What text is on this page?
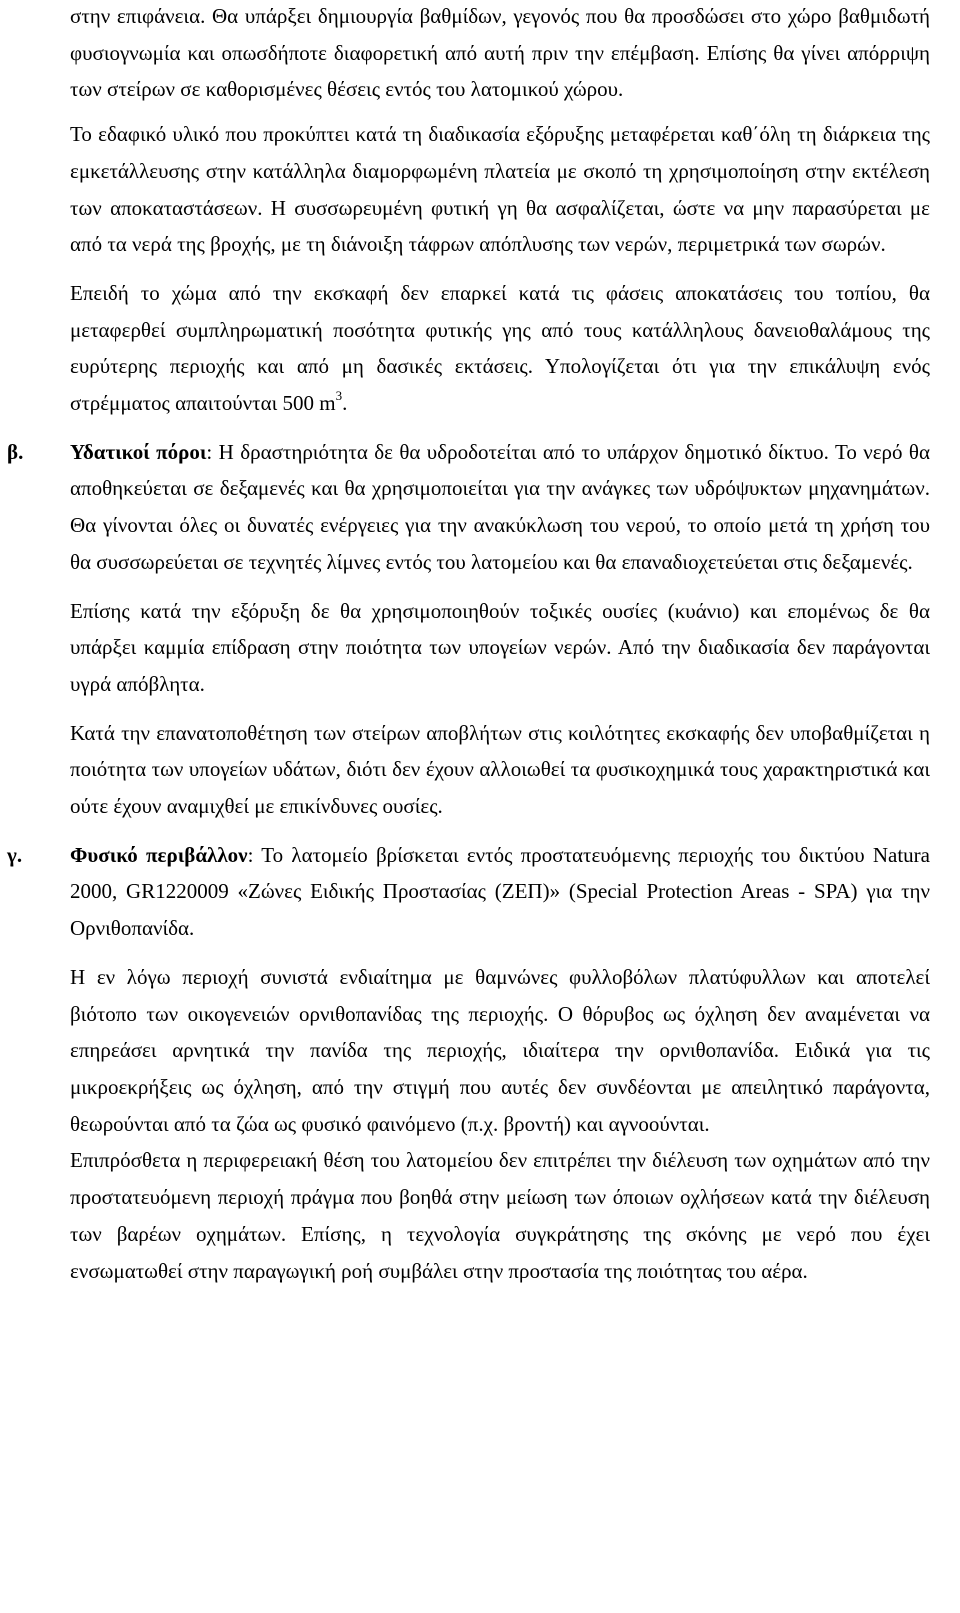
στην επιφάνεια. Θα υπάρξει δημιουργία βαθμίδων, γεγονός που θα προσδώσει στο χώρο βαθμιδωτή φυσιογνωμία και οπωσδήποτε διαφορετική από αυτή πριν την επέμβαση. Επίσης θα γίνει απόρριψη των στείρων σε καθορισμένες θέσεις εντός του λατομικού χώρου.

Το εδαφικό υλικό που προκύπτει κατά τη διαδικασία εξόρυξης μεταφέρεται καθ΄όλη τη διάρκεια της εμκετάλλευσης στην κατάλληλα διαμορφωμένη πλατεία με σκοπό τη χρησιμοποίηση στην εκτέλεση των αποκαταστάσεων. Η συσσωρευμένη φυτική γη θα ασφαλίζεται, ώστε να μην παρασύρεται με από τα νερά της βροχής, με τη διάνοιξη τάφρων απόπλυσης των νερών, περιμετρικά των σωρών.

Επειδή το χώμα από την εκσκαφή δεν επαρκεί κατά τις φάσεις αποκατάσεις του τοπίου, θα μεταφερθεί συμπληρωματική ποσότητα φυτικής γης από τους κατάλληλους δανειοθαλάμους της ευρύτερης περιοχής και από μη δασικές εκτάσεις. Υπολογίζεται ότι για την επικάλυψη ενός στρέμματος απαιτούνται 500 $m^3$.

β. Υδατικοί πόροι: Η δραστηριότητα δε θα υδροδοτείται από το υπάρχον δημοτικό δίκτυο. Το νερό θα αποθηκεύεται σε δεξαμενές και θα χρησιμοποιείται για την ανάγκες των υδρόψυκτων μηχανημάτων. Θα γίνονται όλες οι δυνατές ενέργειες για την ανακύκλωση του νερού, το οποίο μετά τη χρήση του θα συσσωρεύεται σε τεχνητές λίμνες εντός του λατομείου και θα επαναδιοχετεύεται στις δεξαμενές.

Επίσης κατά την εξόρυξη δε θα χρησιμοποιηθούν τοξικές ουσίες (κυάνιο) και επομένως δε θα υπάρξει καμμία επίδραση στην ποιότητα των υπογείων νερών. Από την διαδικασία δεν παράγονται υγρά απόβλητα.

Κατά την επανατοποθέτηση των στείρων αποβλήτων στις κοιλότητες εκσκαφής δεν υποβαθμίζεται η ποιότητα των υπογείων υδάτων, διότι δεν έχουν αλλοιωθεί τα φυσικοχημικά τους χαρακτηριστικά και ούτε έχουν αναμιχθεί με επικίνδυνες ουσίες.

γ. Φυσικό περιβάλλον: Το λατομείο βρίσκεται εντός προστατευόμενης περιοχής του δικτύου Natura 2000, GR1220009 «Ζώνες Ειδικής Προστασίας (ΖΕΠ)» (Special Protection Areas - SPA) για την Ορνιθοπανίδα.

Η εν λόγω περιοχή συνιστά ενδιαίτημα με θαμνώνες φυλλοβόλων πλατύφυλλων και αποτελεί βιότοπο των οικογενειών ορνιθοπανίδας της περιοχής. Ο θόρυβος ως όχληση δεν αναμένεται να επηρεάσει αρνητικά την πανίδα της περιοχής, ιδιαίτερα την ορνιθοπανίδα. Ειδικά για τις μικροεκρήξεις ως όχληση, από την στιγμή που αυτές δεν συνδέονται με απειλητικό παράγοντα, θεωρούνται από τα ζώα ως φυσικό φαινόμενο (π.χ. βροντή) και αγνοούνται.

Επιπρόσθετα η περιφερειακή θέση του λατομείου δεν επιτρέπει την διέλευση των οχημάτων από την προστατευόμενη περιοχή πράγμα που βοηθά στην μείωση των όποιων οχλήσεων κατά την διέλευση των βαρέων οχημάτων. Επίσης, η τεχνολογία συγκράτησης της σκόνης με νερό που έχει ενσωματωθεί στην παραγωγική ροή συμβάλει στην προστασία της ποιότητας του αέρα.
